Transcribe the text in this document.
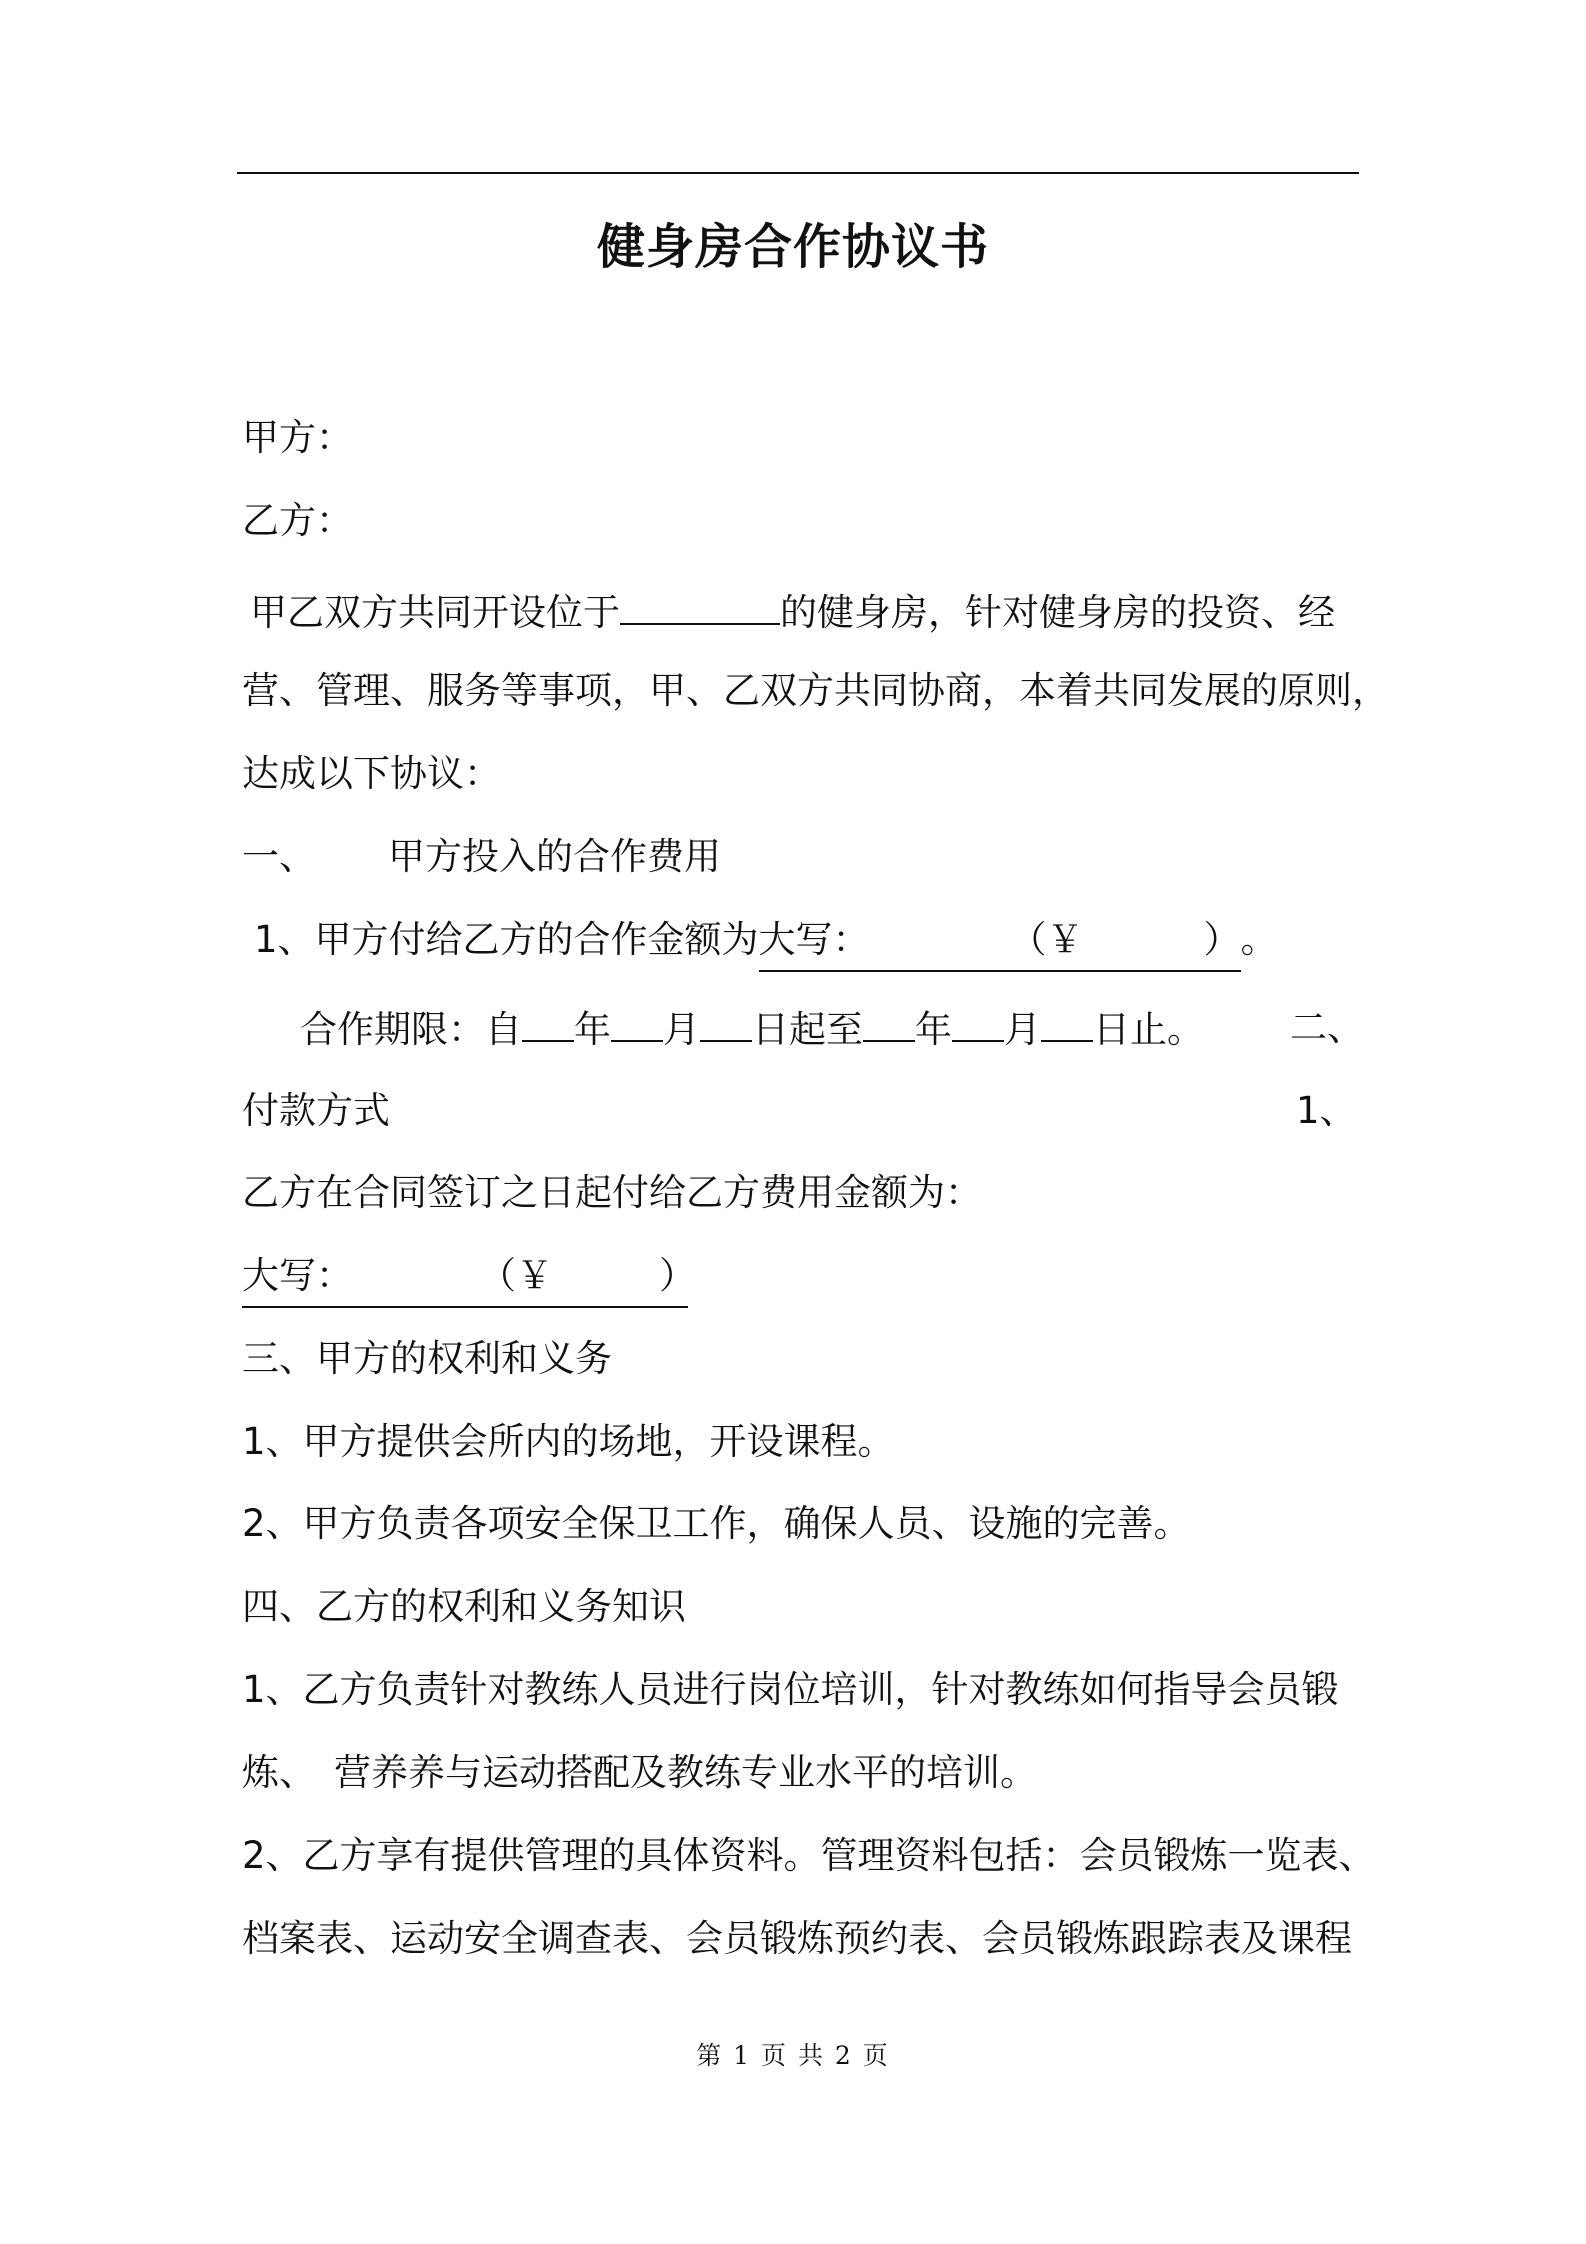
健身房合作协议书
甲方：
乙方：
甲乙双方共同开设位于	的健身房，针对健身房的投资、经
营、管理、服务等事项，甲、乙双方共同协商，本着共同发展的原则，
达成以下协议：
一、 甲方投入的合作费用
1、甲方付给乙方的合作金额为大写：	（￥	）。
合作期限：自 年 月 日起至 年 月 日止。 二、
付款方式	1、
乙方在合同签订之日起付给乙方费用金额为：
大写：	（￥	）
三、甲方的权利和义务
1、甲方提供会所内的场地，开设课程。
2、甲方负责各项安全保卫工作，确保人员、设施的完善。
四、乙方的权利和义务知识
1、乙方负责针对教练人员进行岗位培训，针对教练如何指导会员锻
炼、 营养养与运动搭配及教练专业水平的培训。
2、乙方享有提供管理的具体资料。管理资料包括：会员锻炼一览表、
档案表、运动安全调查表、会员锻炼预约表、会员锻炼跟踪表及课程
第 1 页 共 2 页
